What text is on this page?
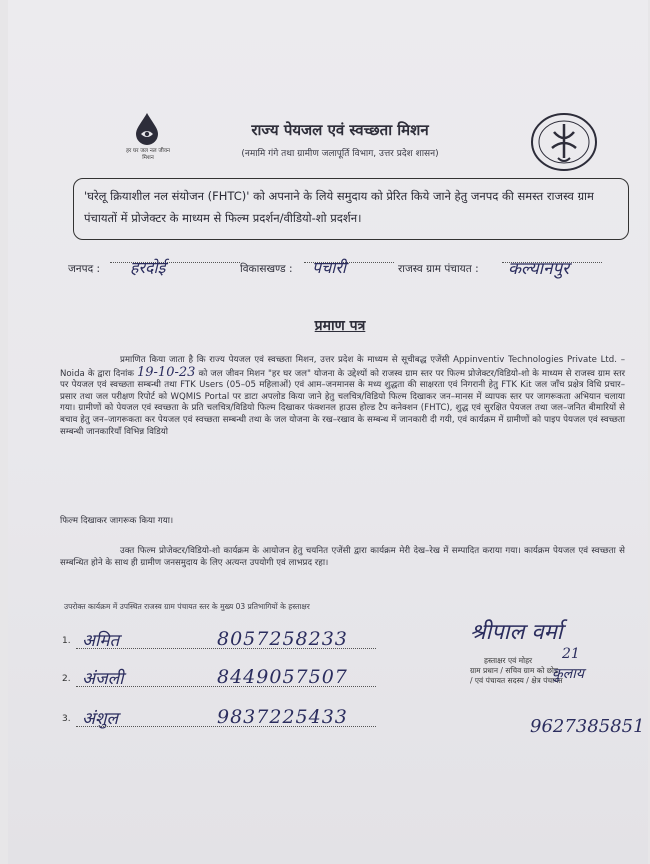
हर घर जल नल जीवन मिशन
राज्य पेयजल एवं स्वच्छता मिशन
(नमामि गंगे तथा ग्रामीण जलापूर्ति विभाग, उत्तर प्रदेश शासन)
'घरेलू क्रियाशील नल संयोजन (FHTC)' को अपनाने के लिये समुदाय को प्रेरित किये जाने हेतु जनपद की समस्त राजस्व ग्राम पंचायतों में प्रोजेक्टर के माध्यम से फिल्म प्रदर्शन/वीडियो-शो प्रदर्शन।
जनपद : हरदोई	विकासखण्ड : पचारी	राजस्व ग्राम पंचायत : कल्यानपुर
प्रमाण पत्र
प्रमाणित किया जाता है कि राज्य पेयजल एवं स्वच्छता मिशन, उत्तर प्रदेश के माध्यम से सूचीबद्ध एजेंसी Appinventiv Technologies Private Ltd. – Noida के द्वारा दिनांक 19-10-23 को जल जीवन मिशन "हर घर जल" योजना के उद्देश्यों को राजस्व ग्राम स्तर पर फिल्म प्रोजेक्टर/विडियो-शो के माध्यम से राजस्व ग्राम स्तर पर पेयजल एवं स्वच्छता सम्बन्धी तथा FTK Users (05–05 महिलाओं) एवं आम–जनमानस के मध्य शुद्धता की साक्षरता एवं निगरानी हेतु FTK Kit जल जाँच प्रक्षेत्र विधि प्रचार–प्रसार तथा जल परीक्षण रिपोर्ट को WQMIS Portal पर डाटा अपलोड किया जाने हेतु चलचित्र/विडियो फिल्म दिखाकर जन–मानस में व्यापक स्तर पर जागरूकता अभियान चलाया गया। ग्रामीणों को पेयजल एवं स्वच्छता के प्रति चलचित्र/विडियो फिल्म दिखाकर फंक्शनल हाउस होल्ड टैप कनेक्शन (FHTC), शुद्ध एवं सुरक्षित पेयजल तथा जल–जनित बीमारियों से बचाव हेतु जन–जागरूकता कर पेयजल एवं स्वच्छता सम्बन्धी तथा के जल योजना के रख–रखाव के सम्बन्ध में जानकारी दी गयी, एवं कार्यक्रम में ग्रामीणों को पाइप पेयजल एवं स्वच्छता सम्बन्धी जानकारियाँ विभिन्न विडियो
फिल्म दिखाकर जागरूक किया गया।
उक्त फिल्म प्रोजेक्टर/विडियो-शो कार्यक्रम के आयोजन हेतु चयनित एजेंसी द्वारा कार्यक्रम मेरी देख–रेख में सम्पादित कराया गया। कार्यक्रम पेयजल एवं स्वच्छता से सम्बन्धित होने के साथ ही ग्रामीण जनसमुदाय के लिए अत्यन्त उपयोगी एवं लाभप्रद रहा।
उपरोक्त कार्यक्रम में उपस्थित राजस्व ग्राम पंचायत स्तर के मुख्य 03 प्रतिभागियों के हस्ताक्षर
1. अमित	8057258233
2. अंजली	8449057507
3. अंशुल	9837225433
श्रीपाल वर्मा
21
हस्ताक्षर एवं मोहर
ग्राम प्रधान / सचिव ग्राम को छोड़
/ एवं पंचायत सदस्य / क्षेत्र पंचायत
9627385851
कुलाय
